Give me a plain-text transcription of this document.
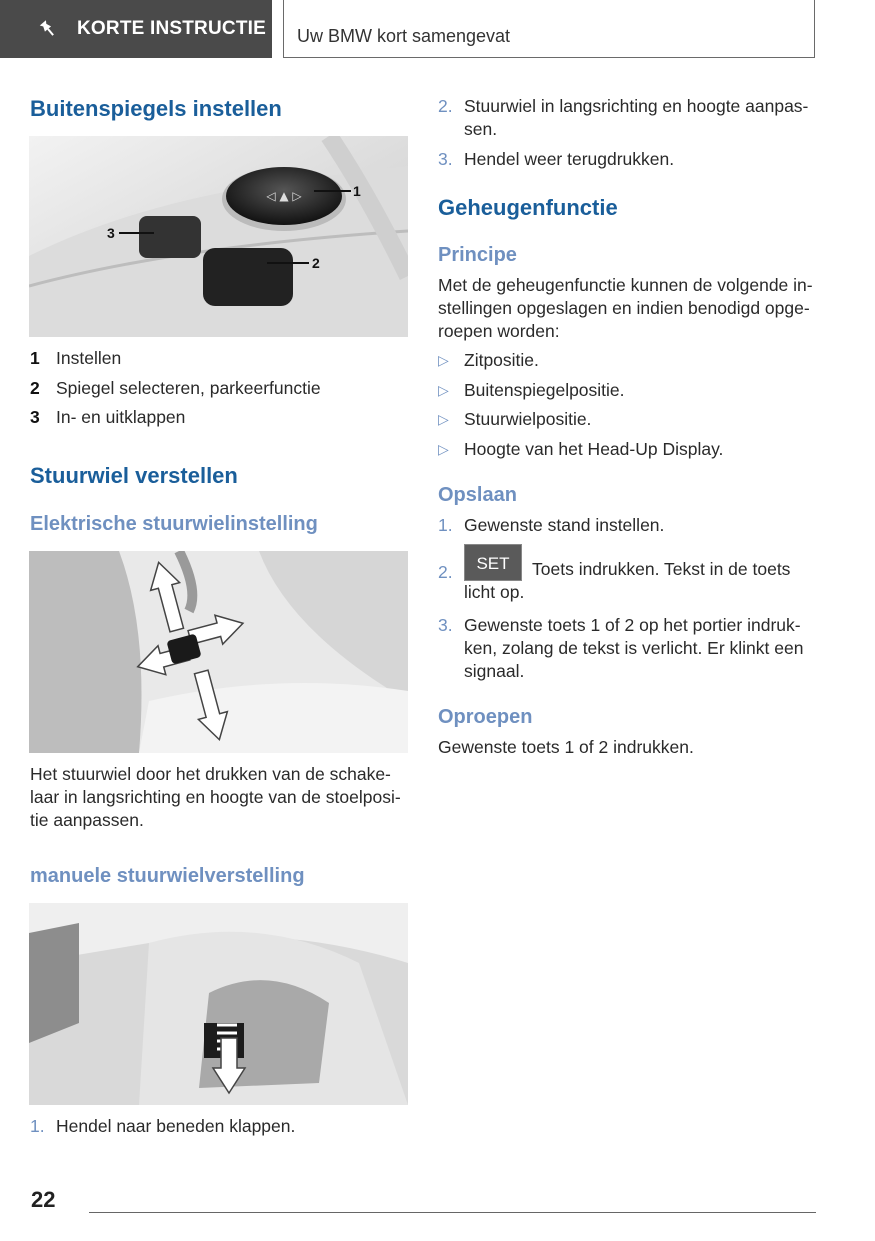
KORTE INSTRUCTIE	Uw BMW kort samengevat
Buitenspiegels instellen
◁ ▲ ▷	1
2
3
1 Instellen
2 Spiegel selecteren, parkeerfunctie
3 In- en uitklappen
Stuurwiel verstellen
Elektrische stuurwielinstelling
Het stuurwiel door het drukken van de schake-
laar in langsrichting en hoogte van de stoelposi-
tie aanpassen.
manuele stuurwielverstelling
1. Hendel naar beneden klappen.
2. Stuurwiel in langsrichting en hoogte aanpas-
sen.
3. Hendel weer terugdrukken.
Geheugenfunctie
Principe
Met de geheugenfunctie kunnen de volgende in-
stellingen opgeslagen en indien benodigd opge-
roepen worden:
▷ Zitpositie.
▷ Buitenspiegelpositie.
▷ Stuurwielpositie.
▷ Hoogte van het Head-Up Display.
Opslaan
1. Gewenste stand instellen.
2.	SET	Toets indrukken. Tekst in de toets
licht op.
3. Gewenste toets 1 of 2 op het portier indruk-
ken, zolang de tekst is verlicht. Er klinkt een
signaal.
Oproepen
Gewenste toets 1 of 2 indrukken.
22
